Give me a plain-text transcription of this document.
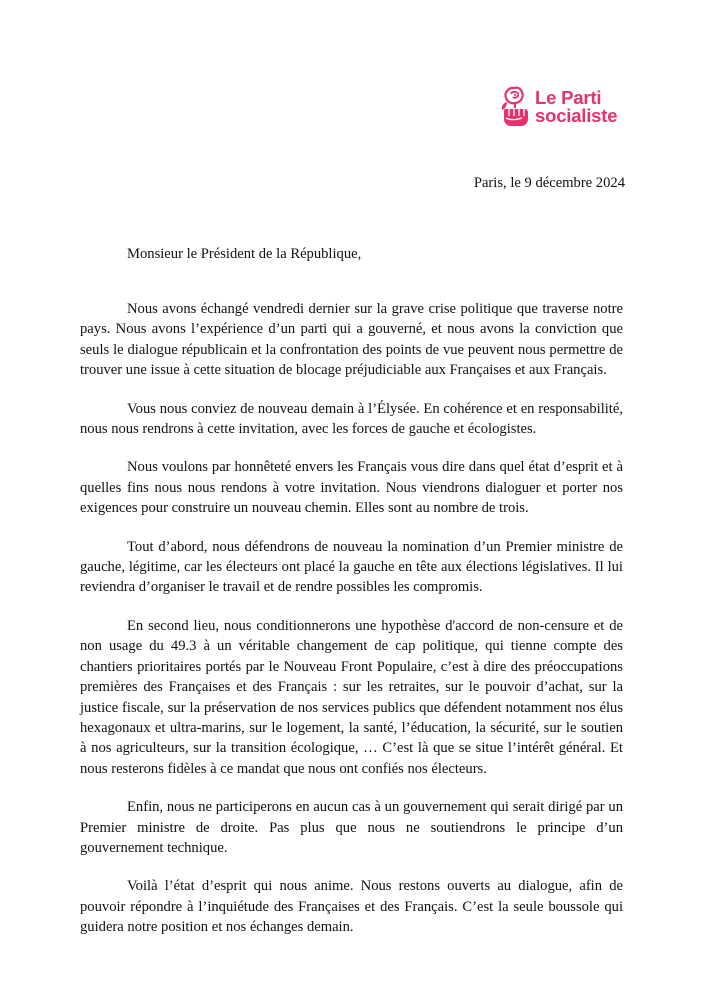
Le Parti
socialiste
Paris, le 9 décembre 2024
Monsieur le Président de la République,

Nous avons échangé vendredi dernier sur la grave crise politique que traverse notre pays. Nous avons l’expérience d’un parti qui a gouverné, et nous avons la conviction que seuls le dialogue républicain et la confrontation des points de vue peuvent nous permettre de trouver une issue à cette situation de blocage préjudiciable aux Françaises et aux Français.

Vous nous conviez de nouveau demain à l’Élysée. En cohérence et en responsabilité, nous nous rendrons à cette invitation, avec les forces de gauche et écologistes.

Nous voulons par honnêteté envers les Français vous dire dans quel état d’esprit et à quelles fins nous nous rendons à votre invitation. Nous viendrons dialoguer et porter nos exigences pour construire un nouveau chemin. Elles sont au nombre de trois.

Tout d’abord, nous défendrons de nouveau la nomination d’un Premier ministre de gauche, légitime, car les électeurs ont placé la gauche en tête aux élections législatives. Il lui reviendra d’organiser le travail et de rendre possibles les compromis.

En second lieu, nous conditionnerons une hypothèse d'accord de non-censure et de non usage du 49.3 à un véritable changement de cap politique, qui tienne compte des chantiers prioritaires portés par le Nouveau Front Populaire, c’est à dire des préoccupations premières des Françaises et des Français : sur les retraites, sur le pouvoir d’achat, sur la justice fiscale, sur la préservation de nos services publics que défendent notamment nos élus hexagonaux et ultra-marins, sur le logement, la santé, l’éducation, la sécurité, sur le soutien à nos agriculteurs, sur la transition écologique, … C’est là que se situe l’intérêt général. Et nous resterons fidèles à ce mandat que nous ont confiés nos électeurs.

Enfin, nous ne participerons en aucun cas à un gouvernement qui serait dirigé par un Premier ministre de droite. Pas plus que nous ne soutiendrons le principe d’un gouvernement technique.

Voilà l’état d’esprit qui nous anime. Nous restons ouverts au dialogue, afin de pouvoir répondre à l’inquiétude des Françaises et des Français. C’est la seule boussole qui guidera notre position et nos échanges demain.
